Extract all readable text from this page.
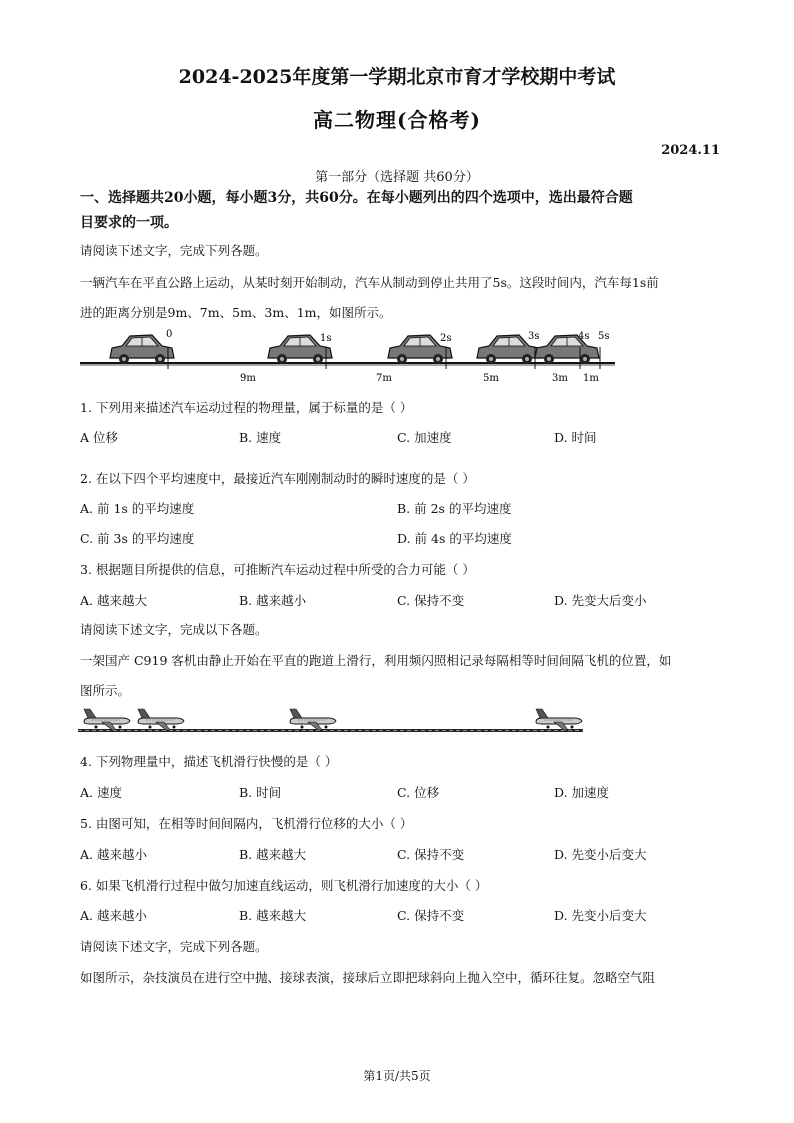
2024-2025年度第一学期北京市育才学校期中考试
高二物理(合格考)
2024.11
第一部分（选择题 共60分）
一、选择题共20小题，每小题3分，共60分。在每小题列出的四个选项中，选出最符合题
目要求的一项。
请阅读下述文字，完成下列各题。
一辆汽车在平直公路上运动，从某时刻开始制动，汽车从制动到停止共用了5s。这段时间内，汽车每1s前
进的距离分别是9m、7m、5m、3m、1m，如图所示。
0	1s	2s	3s	4s 5s
9m	7m	5m	3m 1m
1. 下列用来描述汽车运动过程的物理量，属于标量的是（ ）
A 位移	B. 速度	C. 加速度	D. 时间
2. 在以下四个平均速度中，最接近汽车刚刚制动时的瞬时速度的是（ ）
A. 前 1s 的平均速度	B. 前 2s 的平均速度
C. 前 3s 的平均速度	D. 前 4s 的平均速度
3. 根据题目所提供的信息，可推断汽车运动过程中所受的合力可能（ ）
A. 越来越大	B. 越来越小	C. 保持不变	D. 先变大后变小
请阅读下述文字，完成以下各题。
一架国产 C919 客机由静止开始在平直的跑道上滑行，利用频闪照相记录每隔相等时间间隔飞机的位置，如
图所示。
4. 下列物理量中，描述飞机滑行快慢的是（ ）
A. 速度	B. 时间	C. 位移	D. 加速度
5. 由图可知，在相等时间间隔内，飞机滑行位移的大小（ ）
A. 越来越小	B. 越来越大	C. 保持不变	D. 先变小后变大
6. 如果飞机滑行过程中做匀加速直线运动，则飞机滑行加速度的大小（ ）
A. 越来越小	B. 越来越大	C. 保持不变	D. 先变小后变大
请阅读下述文字，完成下列各题。
如图所示，杂技演员在进行空中抛、接球表演，接球后立即把球斜向上抛入空中，循环往复。忽略空气阻
第1页/共5页
